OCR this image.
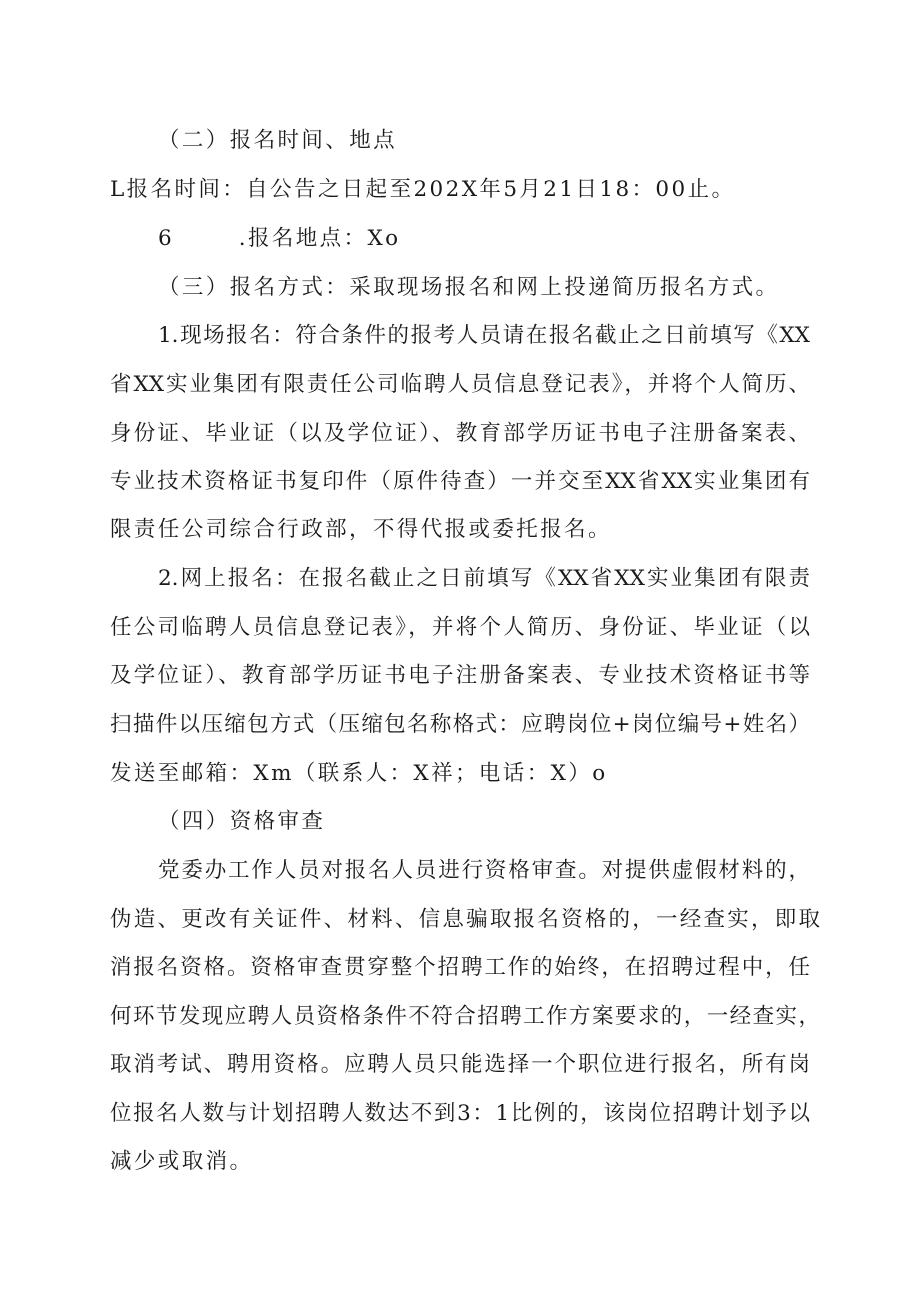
（二）报名时间、地点
L报名时间：自公告之日起至202X年5月21日18：00止。
6       .报名地点：Xo
（三）报名方式：采取现场报名和网上投递简历报名方式。
1.现场报名：符合条件的报考人员请在报名截止之日前填写《XX
省XX实业集团有限责任公司临聘人员信息登记表》，并将个人简历、
身份证、毕业证（以及学位证）、教育部学历证书电子注册备案表、
专业技术资格证书复印件（原件待查）一并交至XX省XX实业集团有
限责任公司综合行政部，不得代报或委托报名。
2.网上报名：在报名截止之日前填写《XX省XX实业集团有限责
任公司临聘人员信息登记表》，并将个人简历、身份证、毕业证（以
及学位证）、教育部学历证书电子注册备案表、专业技术资格证书等
扫描件以压缩包方式（压缩包名称格式：应聘岗位+岗位编号+姓名）
发送至邮箱：Xm（联系人：X祥；电话：X）o
（四）资格审查
党委办工作人员对报名人员进行资格审查。对提供虚假材料的，
伪造、更改有关证件、材料、信息骗取报名资格的，一经查实，即取
消报名资格。资格审查贯穿整个招聘工作的始终，在招聘过程中，任
何环节发现应聘人员资格条件不符合招聘工作方案要求的，一经查实，
取消考试、聘用资格。应聘人员只能选择一个职位进行报名，所有岗
位报名人数与计划招聘人数达不到3：1比例的，该岗位招聘计划予以
减少或取消。
